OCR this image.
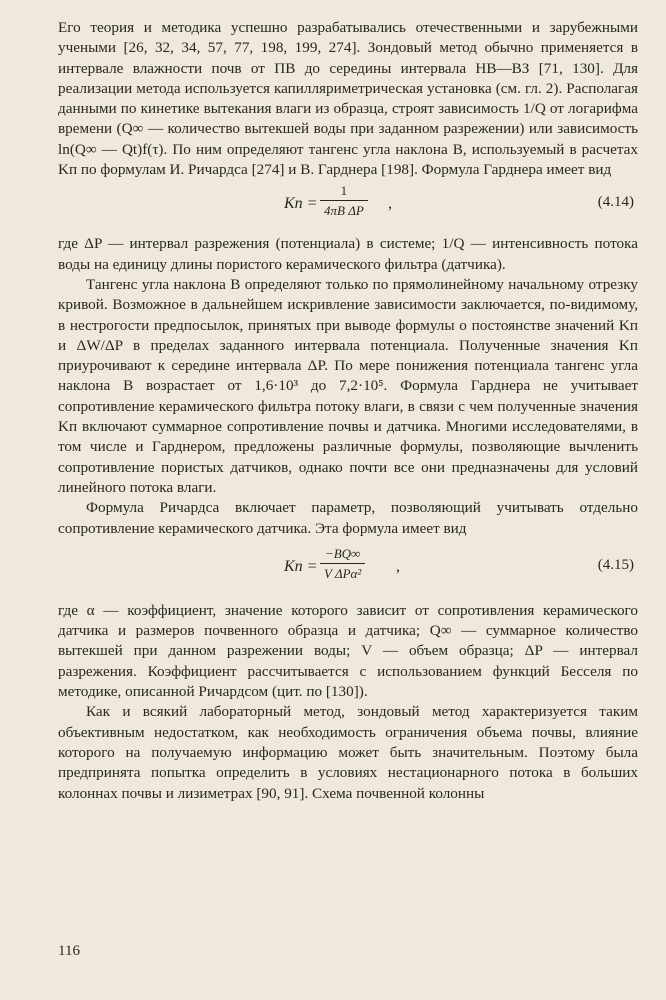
Его теория и методика успешно разрабатывались отечественными и зарубежными учеными [26, 32, 34, 57, 77, 198, 199, 274]. Зондовый метод обычно применяется в интервале влажности почв от ПВ до середины интервала НВ—ВЗ [71, 130]. Для реализации метода используется капилляриметрическая установка (см. гл. 2). Располагая данными по кинетике вытекания влаги из образца, строят зависимость 1/Q от логарифма времени (Q∞ — количество вытекшей воды при заданном разрежении) или зависимость ln(Q∞ — Qt)f(τ). По ним определяют тангенс угла наклона B, используемый в расчетах Kп по формулам И. Ричардса [274] и В. Гарднера [198]. Формула Гарднера имеет вид

Kп = $\frac{1}{\text{4πB ΔP}}$ ,	(4.14)

где ΔP — интервал разрежения (потенциала) в системе; 1/Q — интенсивность потока воды на единицу длины пористого керамического фильтра (датчика).

Тангенс угла наклона B определяют только по прямолинейному начальному отрезку кривой. Возможное в дальнейшем искривление зависимости заключается, по-видимому, в нестрогости предпосылок, принятых при выводе формулы о постоянстве значений Kп и ΔW/ΔP в пределах заданного интервала потенциала. Полученные значения Kп приурочивают к середине интервала ΔP. По мере понижения потенциала тангенс угла наклона B возрастает от 1,6·10³ до 7,2·10⁵. Формула Гарднера не учитывает сопротивление керамического фильтра потоку влаги, в связи с чем полученные значения Kп включают суммарное сопротивление почвы и датчика. Многими исследователями, в том числе и Гарднером, предложены различные формулы, позволяющие вычленить сопротивление пористых датчиков, однако почти все они предназначены для условий линейного потока влаги.

Формула Ричардса включает параметр, позволяющий учитывать отдельно сопротивление керамического датчика. Эта формула имеет вид

Kп =
−BQ∞
V ΔPα² ,	(4.15)

где α — коэффициент, значение которого зависит от сопротивления керамического датчика и размеров почвенного образца и датчика; Q∞ — суммарное количество вытекшей при данном разрежении воды; V — объем образца; ΔP — интервал разрежения. Коэффициент рассчитывается с использованием функций Бесселя по методике, описанной Ричардсом (цит. по [130]).

Как и всякий лабораторный метод, зондовый метод характеризуется таким объективным недостатком, как необходимость ограничения объема почвы, влияние которого на получаемую информацию может быть значительным. Поэтому была предпринята попытка определить в условиях нестационарного потока в больших колоннах почвы и лизиметрах [90, 91]. Схема почвенной колонны

116
